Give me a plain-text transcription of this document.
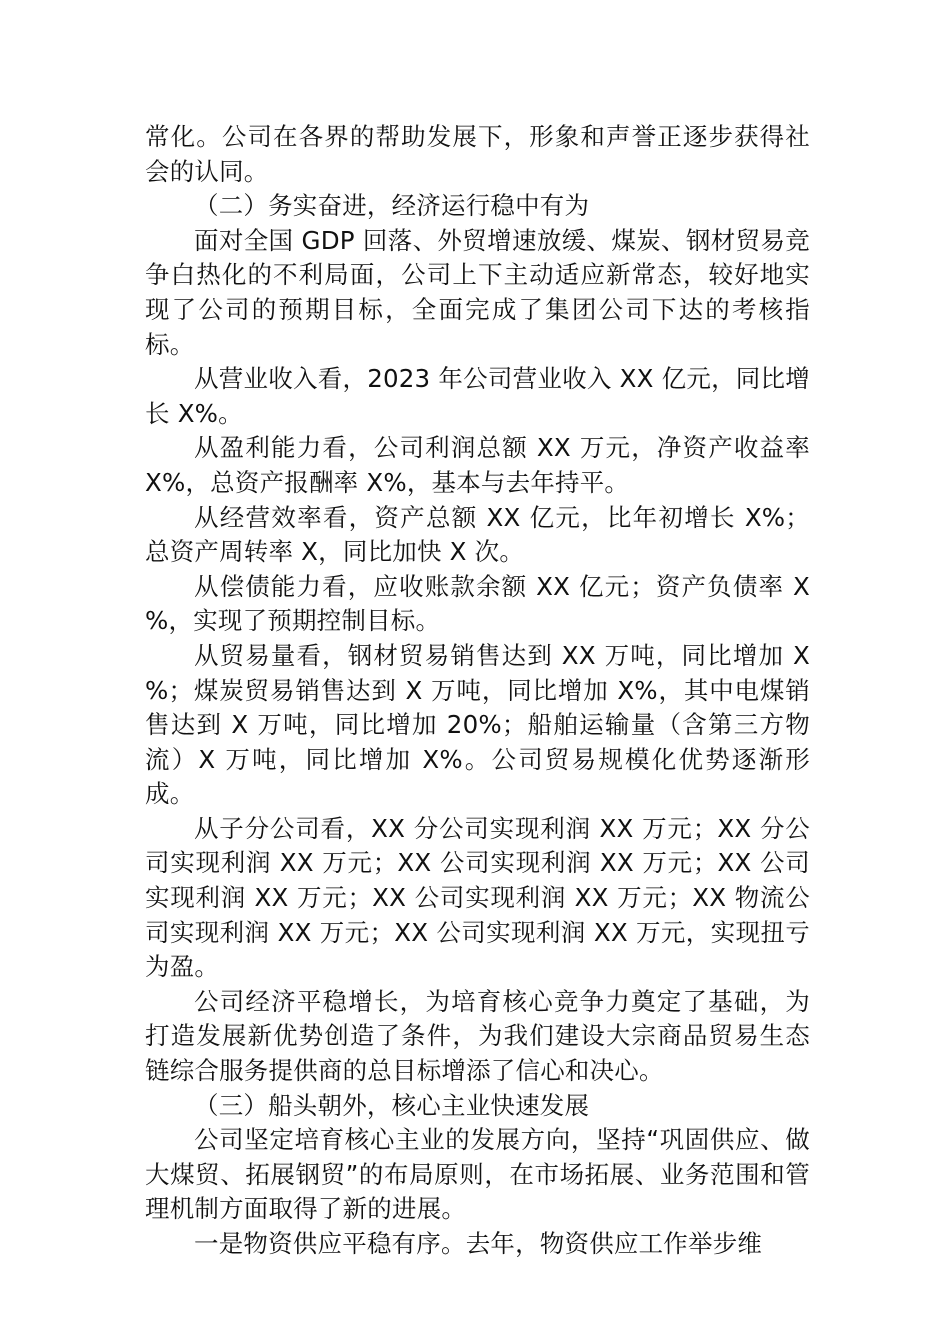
常化。公司在各界的帮助发展下，形象和声誉正逐步获得社会的认同。

（二）务实奋进，经济运行稳中有为

面对全国 GDP 回落、外贸增速放缓、煤炭、钢材贸易竞争白热化的不利局面，公司上下主动适应新常态，较好地实现了公司的预期目标，全面完成了集团公司下达的考核指标。

从营业收入看，2023 年公司营业收入 XX 亿元，同比增长 X%。

从盈利能力看，公司利润总额 XX 万元，净资产收益率 X%，总资产报酬率 X%，基本与去年持平。

从经营效率看，资产总额 XX 亿元，比年初增长 X%；总资产周转率 X，同比加快 X 次。

从偿债能力看，应收账款余额 XX 亿元；资产负债率 X %，实现了预期控制目标。

从贸易量看，钢材贸易销售达到 XX 万吨，同比增加 X %；煤炭贸易销售达到 X 万吨，同比增加 X%，其中电煤销售达到 X 万吨，同比增加 20%；船舶运输量（含第三方物流）X 万吨，同比增加 X%。公司贸易规模化优势逐渐形成。

从子分公司看，XX 分公司实现利润 XX 万元；XX 分公司实现利润 XX 万元；XX 公司实现利润 XX 万元；XX 公司实现利润 XX 万元；XX 公司实现利润 XX 万元；XX 物流公司实现利润 XX 万元；XX 公司实现利润 XX 万元，实现扭亏为盈。

公司经济平稳增长，为培育核心竞争力奠定了基础，为打造发展新优势创造了条件，为我们建设大宗商品贸易生态链综合服务提供商的总目标增添了信心和决心。

（三）船头朝外，核心主业快速发展

公司坚定培育核心主业的发展方向，坚持“巩固供应、做大煤贸、拓展钢贸”的布局原则，在市场拓展、业务范围和管理机制方面取得了新的进展。

一是物资供应平稳有序。去年，物资供应工作举步维
